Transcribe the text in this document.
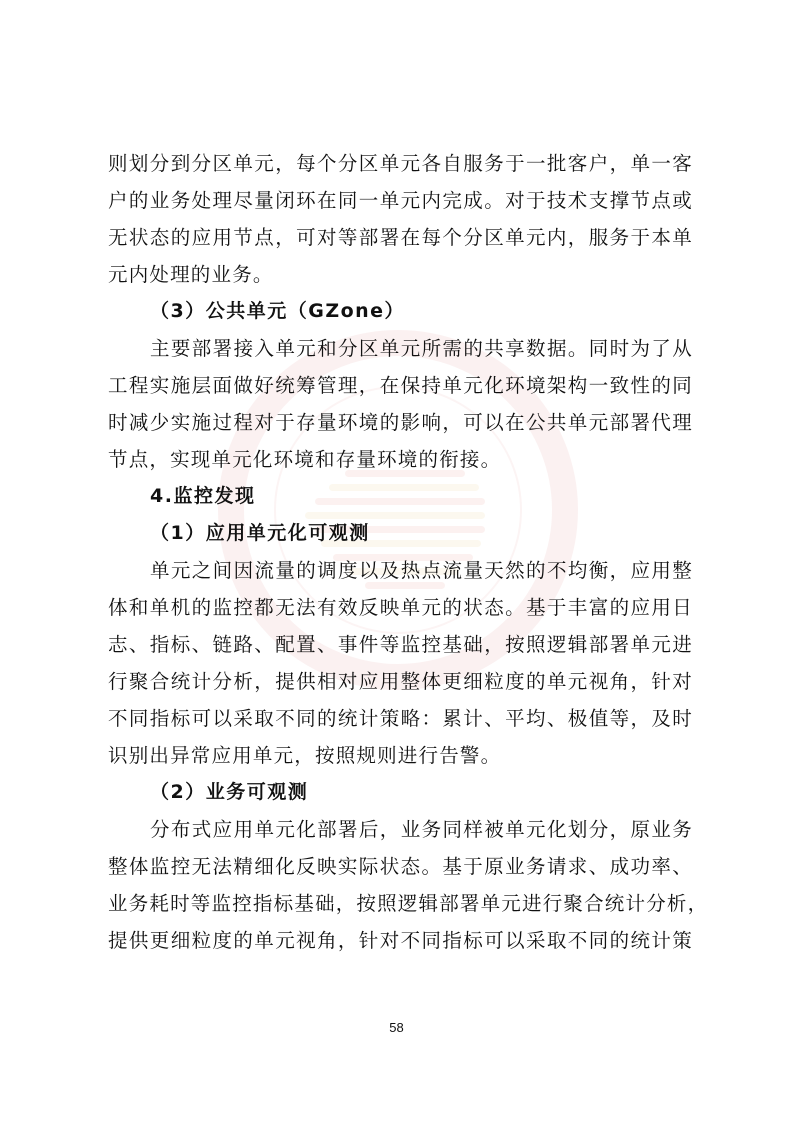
则划分到分区单元，每个分区单元各自服务于一批客户，单一客
户的业务处理尽量闭环在同一单元内完成。对于技术支撑节点或
无状态的应用节点，可对等部署在每个分区单元内，服务于本单
元内处理的业务。
（3）公共单元（GZone）
主要部署接入单元和分区单元所需的共享数据。同时为了从
工程实施层面做好统筹管理，在保持单元化环境架构一致性的同
时减少实施过程对于存量环境的影响，可以在公共单元部署代理
节点，实现单元化环境和存量环境的衔接。
4.监控发现
（1）应用单元化可观测
单元之间因流量的调度以及热点流量天然的不均衡，应用整
体和单机的监控都无法有效反映单元的状态。基于丰富的应用日
志、指标、链路、配置、事件等监控基础，按照逻辑部署单元进
行聚合统计分析，提供相对应用整体更细粒度的单元视角，针对
不同指标可以采取不同的统计策略：累计、平均、极值等，及时
识别出异常应用单元，按照规则进行告警。
（2）业务可观测
分布式应用单元化部署后，业务同样被单元化划分，原业务
整体监控无法精细化反映实际状态。基于原业务请求、成功率、
业务耗时等监控指标基础，按照逻辑部署单元进行聚合统计分析，
提供更细粒度的单元视角，针对不同指标可以采取不同的统计策
58
